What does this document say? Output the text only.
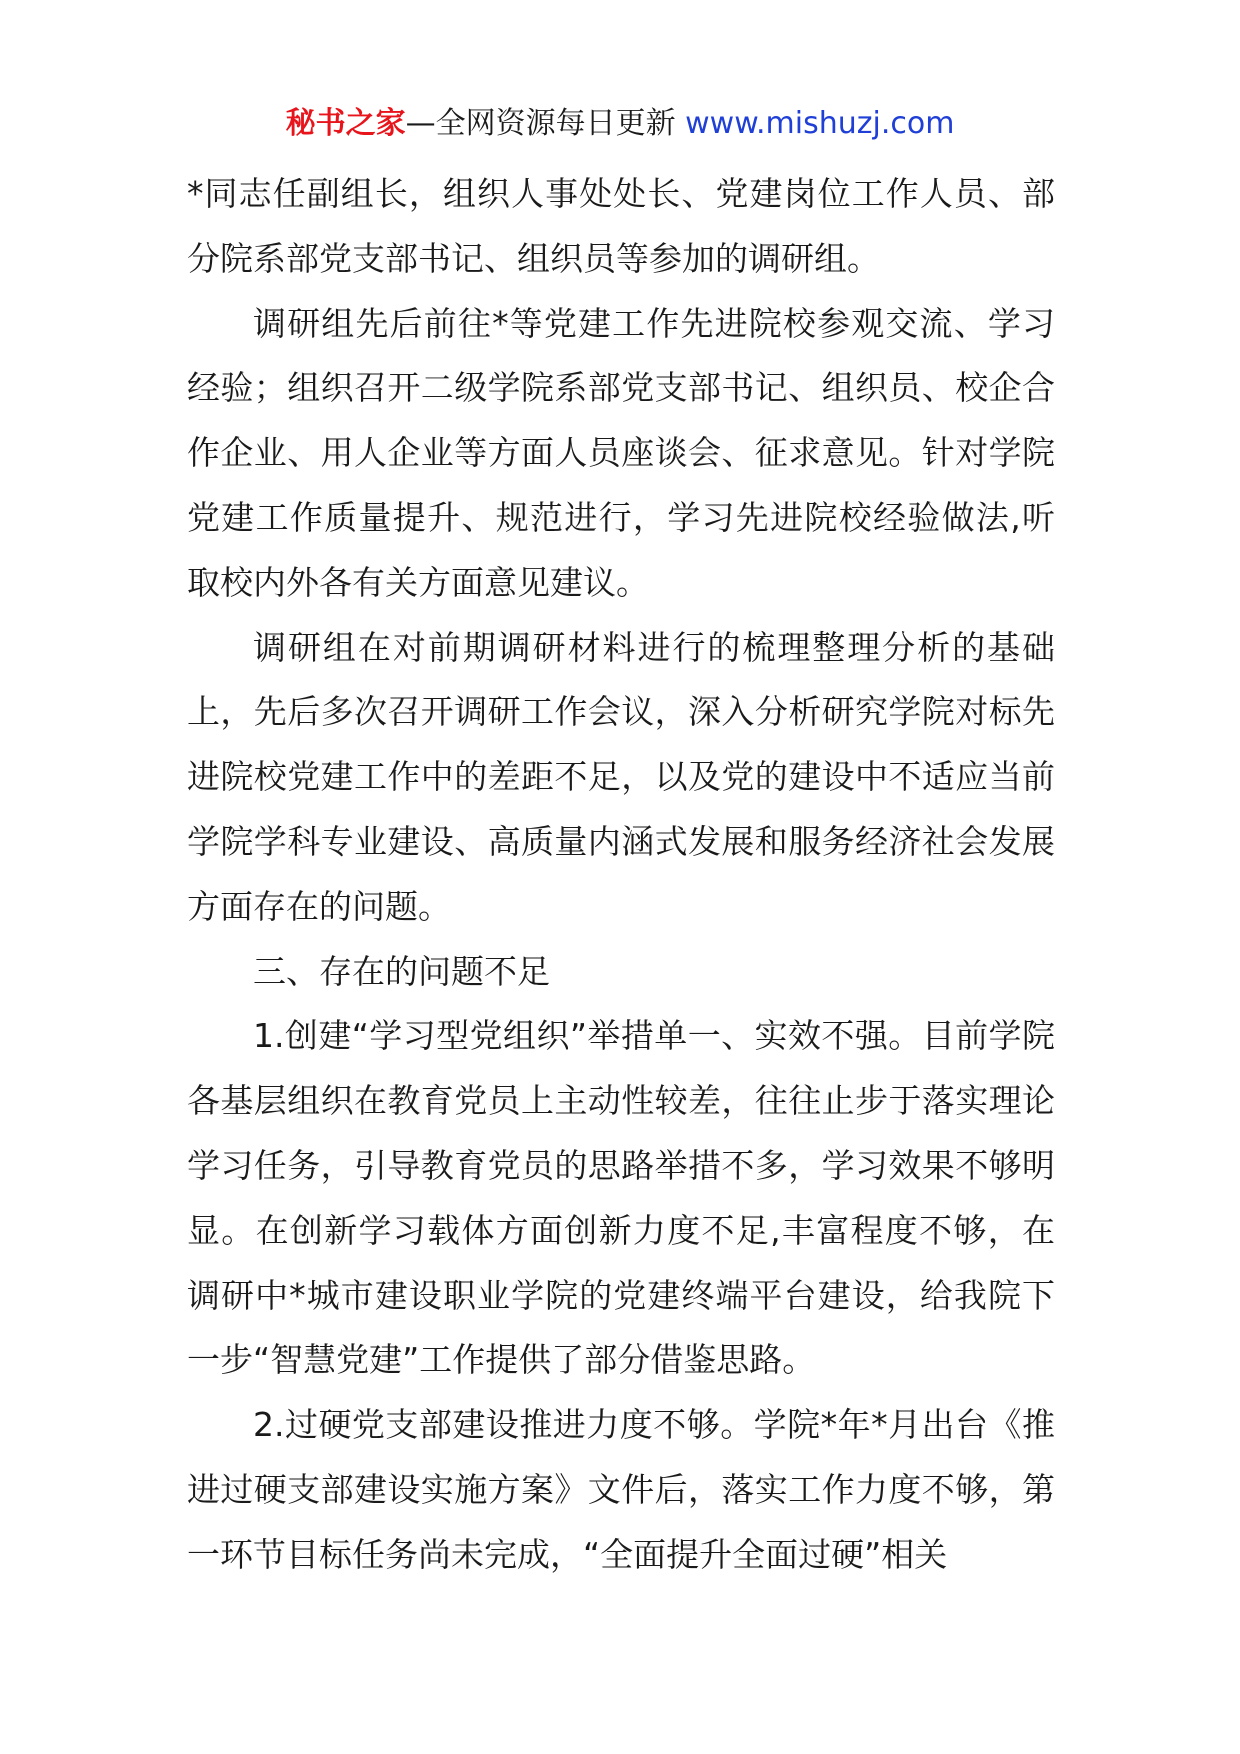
秘书之家—全网资源每日更新 www.mishuzj.com

*同志任副组长，组织人事处处长、党建岗位工作人员、部分院系部党支部书记、组织员等参加的调研组。

调研组先后前往*等党建工作先进院校参观交流、学习经验；组织召开二级学院系部党支部书记、组织员、校企合作企业、用人企业等方面人员座谈会、征求意见。针对学院党建工作质量提升、规范进行，学习先进院校经验做法,听取校内外各有关方面意见建议。

调研组在对前期调研材料进行的梳理整理分析的基础上，先后多次召开调研工作会议，深入分析研究学院对标先进院校党建工作中的差距不足，以及党的建设中不适应当前学院学科专业建设、高质量内涵式发展和服务经济社会发展方面存在的问题。

三、存在的问题不足

1.创建“学习型党组织”举措单一、实效不强。目前学院各基层组织在教育党员上主动性较差，往往止步于落实理论学习任务，引导教育党员的思路举措不多，学习效果不够明显。在创新学习载体方面创新力度不足,丰富程度不够，在调研中*城市建设职业学院的党建终端平台建设，给我院下一步“智慧党建”工作提供了部分借鉴思路。

2.过硬党支部建设推进力度不够。学院*年*月出台《推进过硬支部建设实施方案》文件后，落实工作力度不够，第一环节目标任务尚未完成，“全面提升全面过硬”相关
